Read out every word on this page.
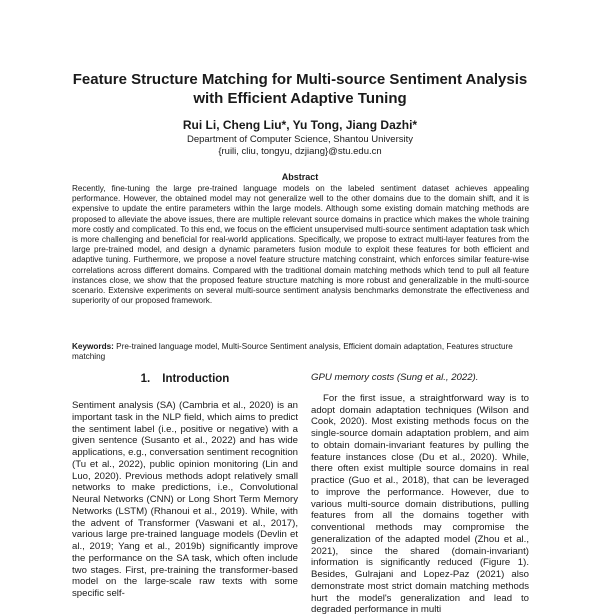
Feature Structure Matching for Multi-source Sentiment Analysis
with Efficient Adaptive Tuning
Rui Li, Cheng Liu*, Yu Tong, Jiang Dazhi*
Department of Computer Science, Shantou University
{ruili, cliu, tongyu, dzjiang}@stu.edu.cn
Abstract

Recently, fine-tuning the large pre-trained language models on the labeled sentiment dataset achieves appealing performance. However, the obtained model may not generalize well to the other domains due to the domain shift, and it is expensive to update the entire parameters within the large models. Although some existing domain matching methods are proposed to alleviate the above issues, there are multiple relevant source domains in practice which makes the whole training more costly and complicated. To this end, we focus on the efficient unsupervised multi-source sentiment adaptation task which is more challenging and beneficial for real-world applications. Specifically, we propose to extract multi-layer features from the large pre-trained model, and design a dynamic parameters fusion module to exploit these features for both efficient and adaptive tuning. Furthermore, we propose a novel feature structure matching constraint, which enforces similar feature-wise correlations across different domains. Compared with the traditional domain matching methods which tend to pull all feature instances close, we show that the proposed feature structure matching is more robust and generalizable in the multi-source scenario. Extensive experiments on several multi-source sentiment analysis benchmarks demonstrate the effectiveness and superiority of our proposed framework.

Keywords: Pre-trained language model, Multi-Source Sentiment analysis, Efficient domain adaptation, Features structure matching

1. Introduction

Sentiment analysis (SA) (Cambria et al., 2020) is an important task in the NLP field, which aims to predict the sentiment label (i.e., positive or negative) with a given sentence (Susanto et al., 2022) and has wide applications, e.g., conversation sentiment recognition (Tu et al., 2022), public opinion monitoring (Lin and Luo, 2020). Previous methods adopt relatively small networks to make predictions, i.e., Convolutional Neural Networks (CNN) or Long Short Term Memory Networks (LSTM) (Rhanoui et al., 2019). While, with the advent of Transformer (Vaswani et al., 2017), various large pre-trained language models (Devlin et al., 2019; Yang et al., 2019b) significantly improve the performance on the SA task, which often include two stages. First, pre-training the transformer-based model on the large-scale raw texts with some specific self-

GPU memory costs (Sung et al., 2022).

For the first issue, a straightforward way is to adopt domain adaptation techniques (Wilson and Cook, 2020). Most existing methods focus on the single-source domain adaptation problem, and aim to obtain domain-invariant features by pulling the feature instances close (Du et al., 2020). While, there often exist multiple source domains in real practice (Guo et al., 2018), that can be leveraged to improve the performance. However, due to various multi-source domain distributions, pulling features from all the domains together with conventional methods may compromise the generalization of the adapted model (Zhou et al., 2021), since the shared (domain-invariant) information is significantly reduced (Figure 1). Besides, Gulrajani and Lopez-Paz (2021) also demonstrate most strict domain matching methods hurt the model's generalization and lead to degraded performance in multi
